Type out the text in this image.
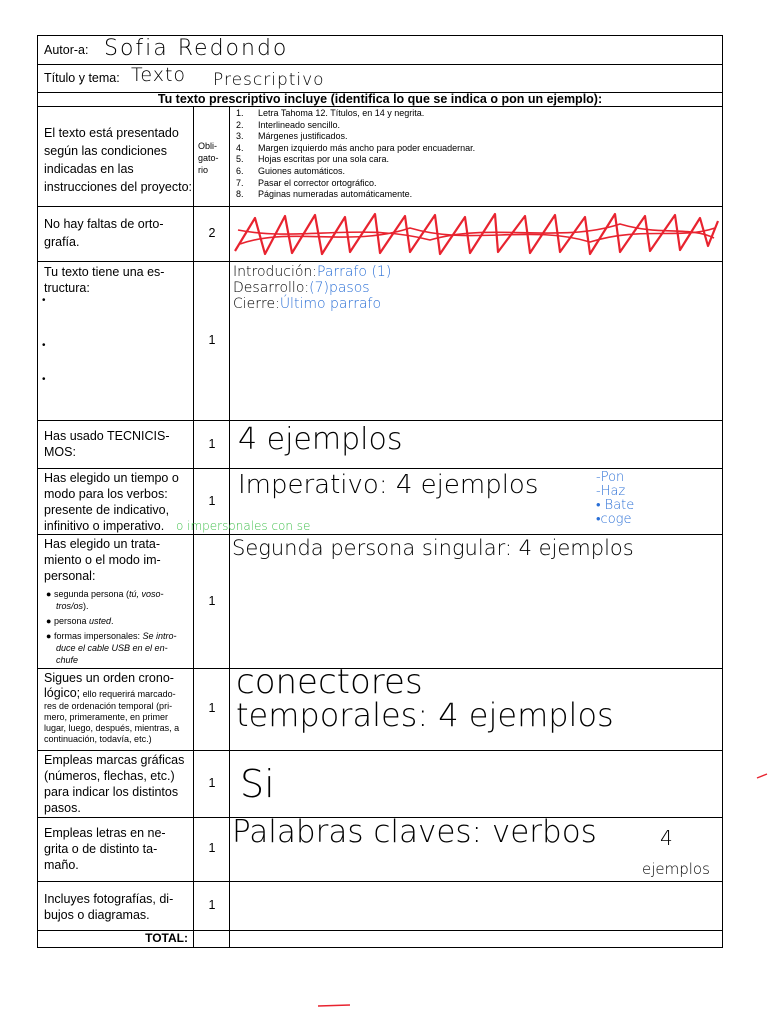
Autor-a: Sofia Redondo
Título y tema: Texto Prescriptivo
Tu texto prescriptivo incluye (identifica lo que se indica o pon un ejemplo):
El texto está presentado según las condiciones indicadas en las instrucciones del proyecto:
Obli-gato-rio
1. Letra Tahoma 12. Títulos, en 14 y negrita.
2. Interlineado sencillo.
3. Márgenes justificados.
4. Margen izquierdo más ancho para poder encuadernar.
5. Hojas escritas por una sola cara.
6. Guiones automáticos.
7. Pasar el corrector ortográfico.
8. Páginas numeradas automáticamente.
No hay faltas de orto-
grafía.
2
Tu texto tiene una es-
tructura:
•
•
•
1
Introdución:Parrafo (1)
Desarrollo:(7)pasos
Cierre:Último parrafo
Has usado TECNICIS-
MOS:
1 4 ejemplos
Has elegido un tiempo o
modo para los verbos:
presente de indicativo,
infinitivo o imperativo.
1
Imperativo: 4 ejemplos
o impersonales con se
-Pon
-Haz
• Bate
•coge
Has elegido un trata-
miento o el modo im-
personal:
● segunda persona (tú, voso-
tros/os).
● persona usted.
● formas impersonales: Se intro-
duce el cable USB en el en-
chufe
1
Segunda persona singular: 4 ejemplos
Sigues un orden crono-
lógico; ello requerirá marcado-
res de ordenación temporal (pri-
mero, primeramente, en primer
lugar, luego, después, mientras, a
continuación, todavía, etc.)
1
conectores
temporales: 4 ejemplos
Empleas marcas gráficas
(números, flechas, etc.)
para indicar los distintos
pasos.
1 Si
Empleas letras en ne-
grita o de distinto ta-
maño.
1 Palabras claves: verbos	4
ejemplos
Incluyes fotografías, di-
bujos o diagramas.
1
TOTAL:
